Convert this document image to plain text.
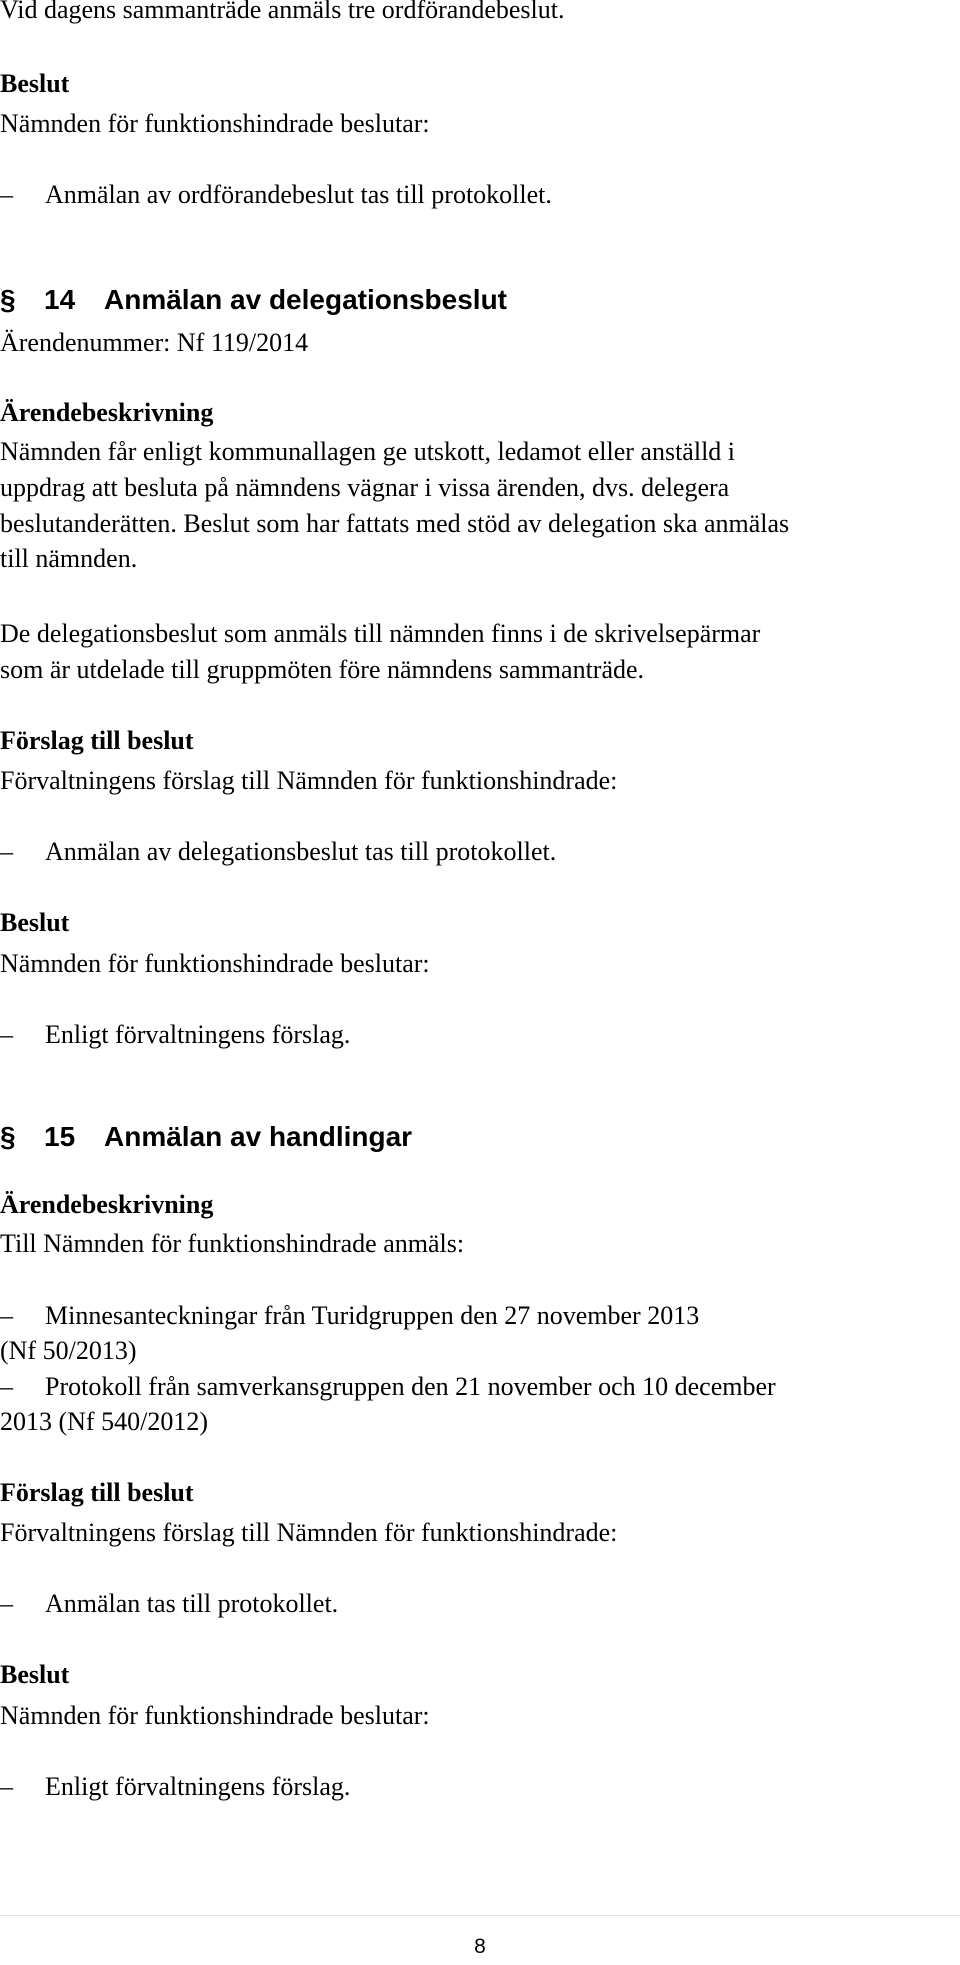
Vid dagens sammanträde anmäls tre ordförandebeslut.

Beslut

Nämnden för funktionshindrade beslutar:

– Anmälan av ordförandebeslut tas till protokollet.

§ 14 Anmälan av delegationsbeslut

Ärendenummer: Nf 119/2014

Ärendebeskrivning

Nämnden får enligt kommunallagen ge utskott, ledamot eller anställd i

uppdrag att besluta på nämndens vägnar i vissa ärenden, dvs. delegera

beslutanderätten. Beslut som har fattats med stöd av delegation ska anmälas

till nämnden.

De delegationsbeslut som anmäls till nämnden finns i de skrivelsepärmar

som är utdelade till gruppmöten före nämndens sammanträde.

Förslag till beslut

Förvaltningens förslag till Nämnden för funktionshindrade:

– Anmälan av delegationsbeslut tas till protokollet.

Beslut

Nämnden för funktionshindrade beslutar:

– Enligt förvaltningens förslag.

§ 15 Anmälan av handlingar

Ärendebeskrivning

Till Nämnden för funktionshindrade anmäls:

– Minnesanteckningar från Turidgruppen den 27 november 2013

(Nf 50/2013)

– Protokoll från samverkansgruppen den 21 november och 10 december

2013 (Nf 540/2012)

Förslag till beslut

Förvaltningens förslag till Nämnden för funktionshindrade:

– Anmälan tas till protokollet.

Beslut

Nämnden för funktionshindrade beslutar:

– Enligt förvaltningens förslag.

8
